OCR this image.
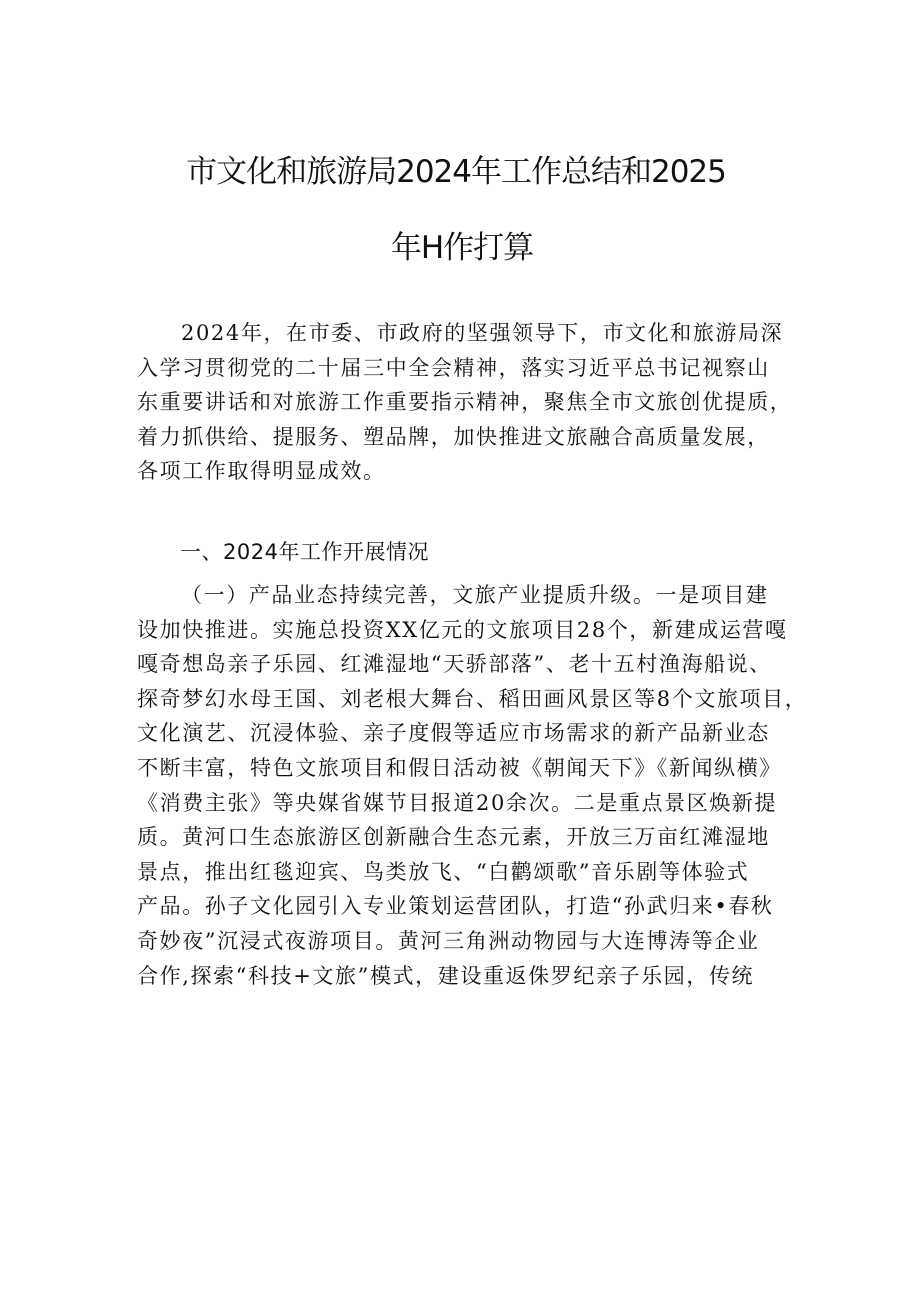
市文化和旅游局2024年工作总结和2025
年H作打算
2024年，在市委、市政府的坚强领导下，市文化和旅游局深
入学习贯彻党的二十届三中全会精神，落实习近平总书记视察山
东重要讲话和对旅游工作重要指示精神，聚焦全市文旅创优提质，
着力抓供给、提服务、塑品牌，加快推进文旅融合高质量发展，
各项工作取得明显成效。
一、2024年工作开展情况
（一）产品业态持续完善，文旅产业提质升级。一是项目建
设加快推进。实施总投资XX亿元的文旅项目28个，新建成运营嘎
嘎奇想岛亲子乐园、红滩湿地“天骄部落”、老十五村渔海船说、
探奇梦幻水母王国、刘老根大舞台、稻田画风景区等8个文旅项目，
文化演艺、沉浸体验、亲子度假等适应市场需求的新产品新业态
不断丰富，特色文旅项目和假日活动被《朝闻天下》《新闻纵横》
《消费主张》等央媒省媒节目报道20余次。二是重点景区焕新提
质。黄河口生态旅游区创新融合生态元素，开放三万亩红滩湿地
景点，推出红毯迎宾、鸟类放飞、“白鹳颂歌”音乐剧等体验式
产品。孙子文化园引入专业策划运营团队，打造“孙武归来•春秋
奇妙夜”沉浸式夜游项目。黄河三角洲动物园与大连博涛等企业
合作,探索“科技+文旅”模式，建设重返侏罗纪亲子乐园，传统
